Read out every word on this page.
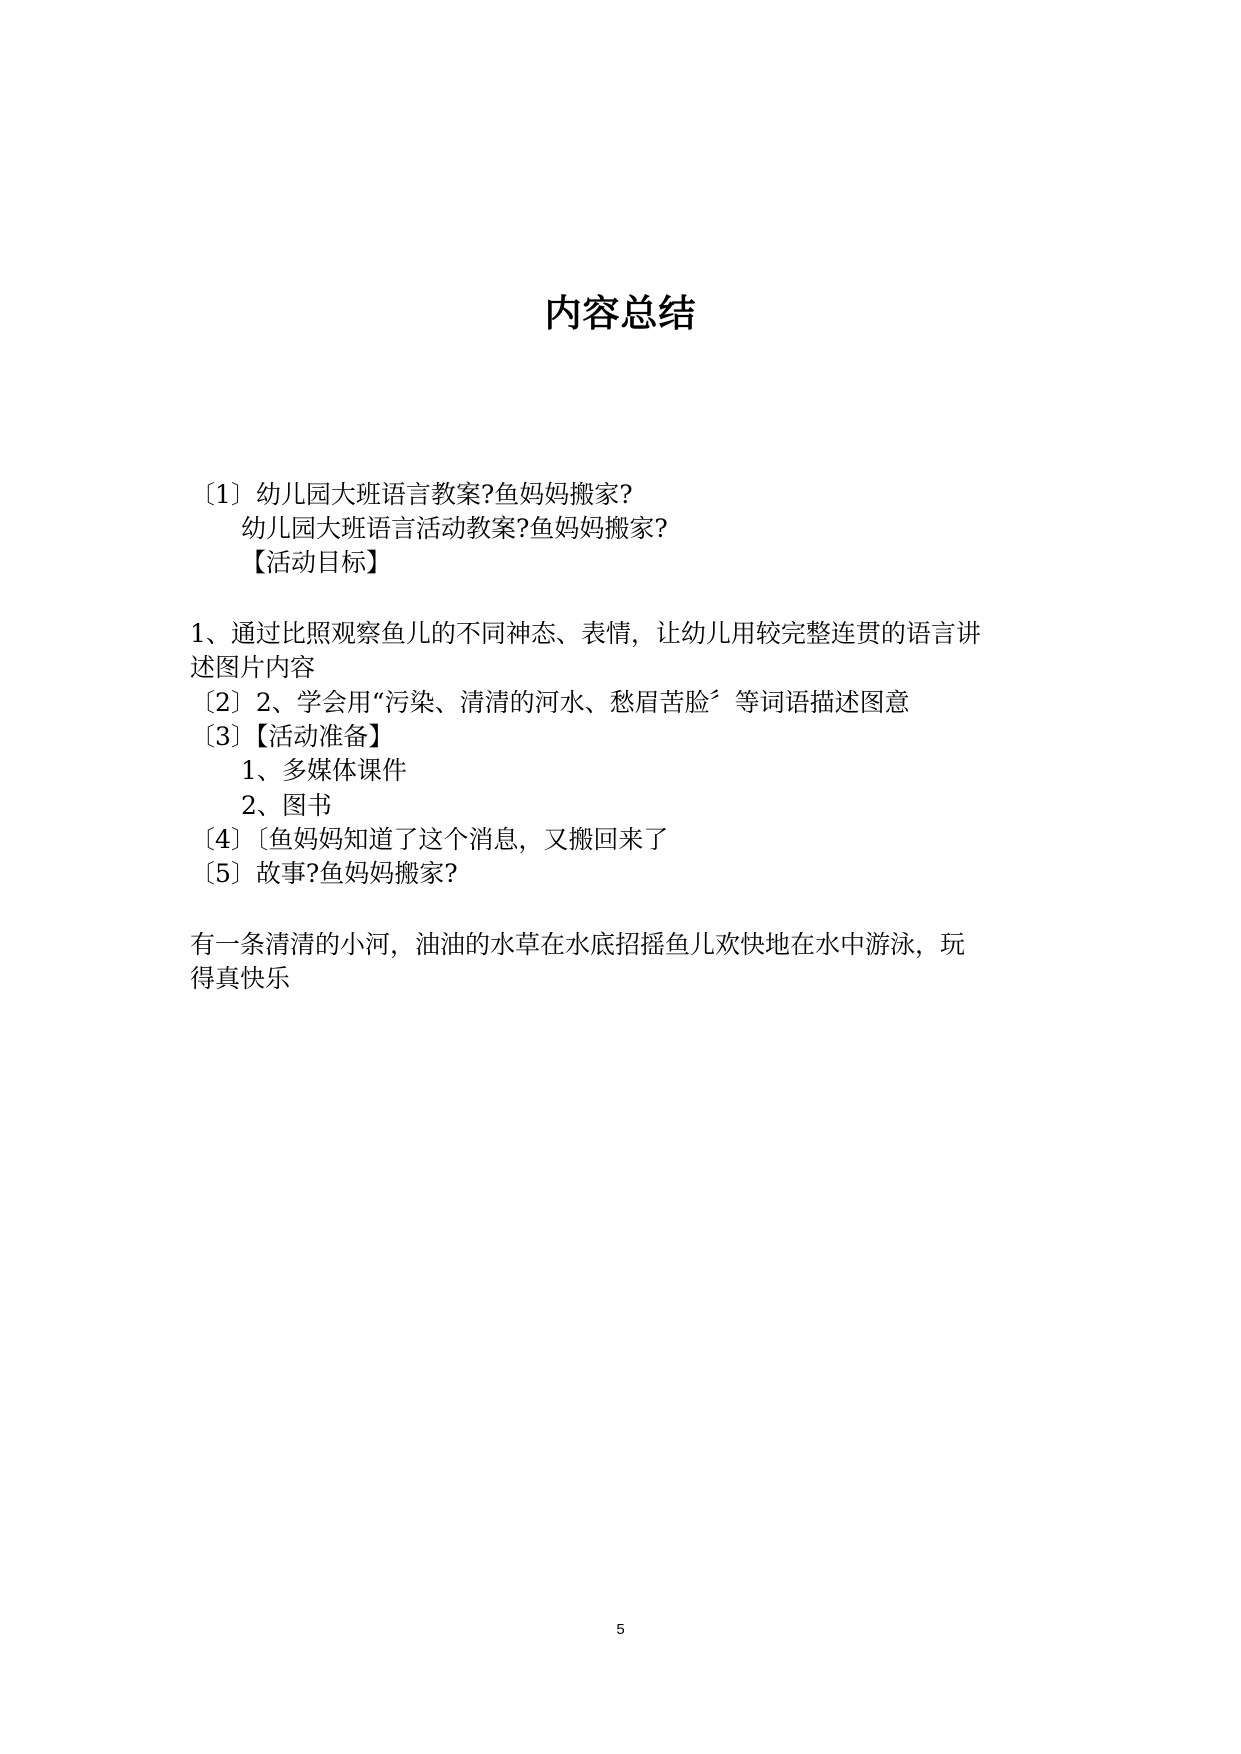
内容总结
〔1〕幼儿园大班语言教案?鱼妈妈搬家?
幼儿园大班语言活动教案?鱼妈妈搬家?
【活动目标】
1、通过比照观察鱼儿的不同神态、表情，让幼儿用较完整连贯的语言讲
述图片内容
〔2〕2、学会用“污染、清清的河水、愁眉苦脸〞等词语描述图意
〔3〕【活动准备】
1、多媒体课件
2、图书
〔4〕〔鱼妈妈知道了这个消息，又搬回来了
〔5〕故事?鱼妈妈搬家?
有一条清清的小河，油油的水草在水底招摇鱼儿欢快地在水中游泳，玩
得真快乐
5
